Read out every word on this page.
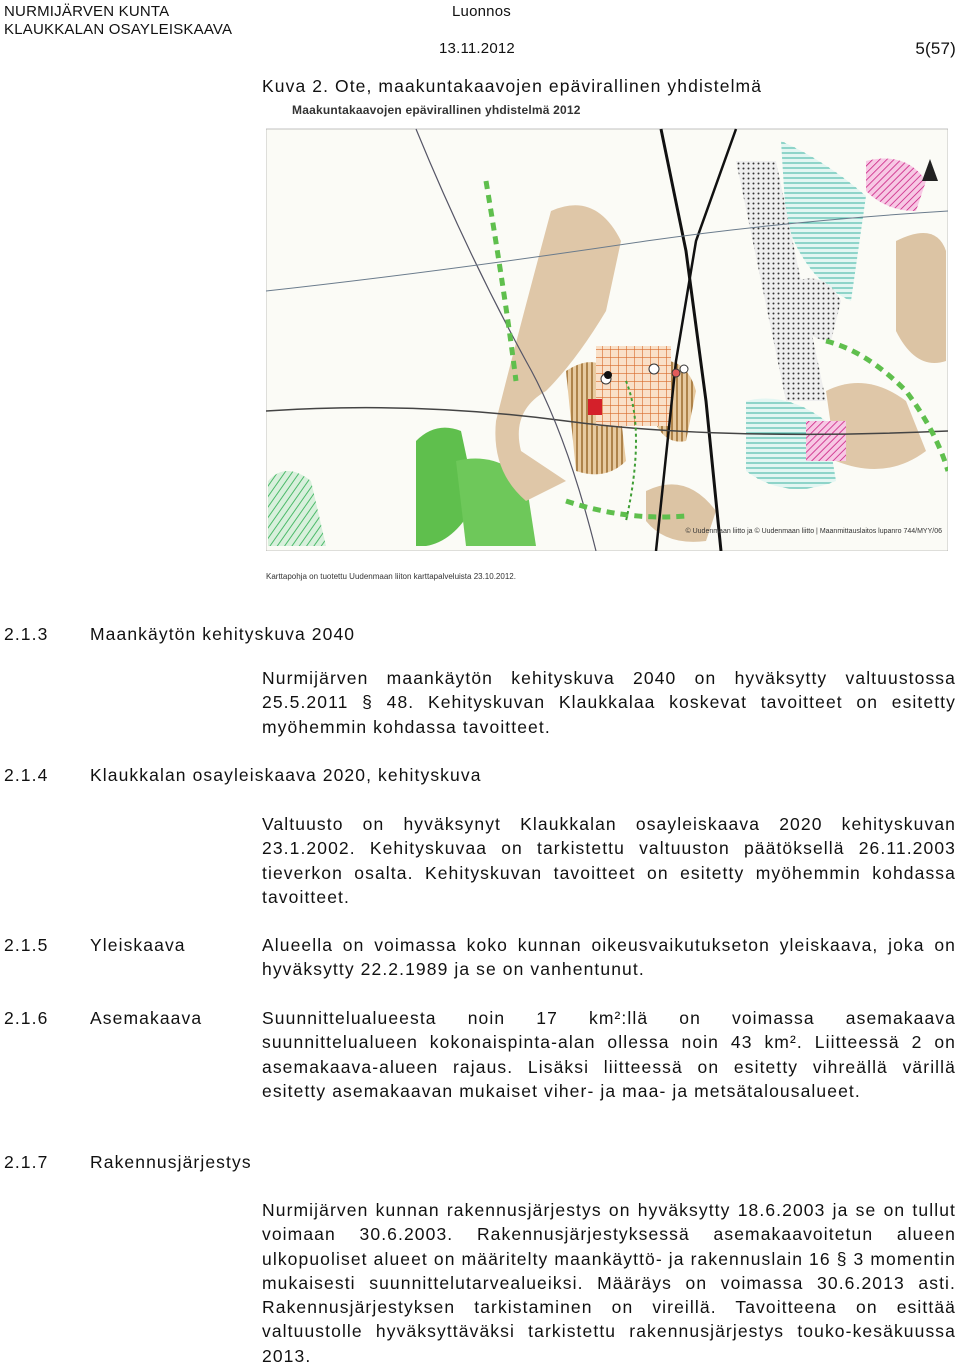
NURMIJÄRVEN KUNTA
KLAUKKALAN OSAYLEISKAAVA
Luonnos
13.11.2012	5(57)
Kuva 2. Ote, maakuntakaavojen epävirallinen yhdistelmä
Maakuntakaavojen epävirallinen yhdistelmä 2012
© Uudenmaan liitto ja © Uudenmaan liitto | Maanmittauslaitos lupanro 744/MYY/06
Karttapohja on tuotettu Uudenmaan liiton karttapalveluista 23.10.2012.
2.1.3 Maankäytön kehityskuva 2040
Nurmijärven maankäytön kehityskuva 2040 on hyväksytty valtuustossa 25.5.2011 § 48. Kehityskuvan Klaukkalaa koskevat tavoitteet on esitetty myöhemmin kohdassa tavoitteet.
2.1.4 Klaukkalan osayleiskaava 2020, kehityskuva
Valtuusto on hyväksynyt Klaukkalan osayleiskaava 2020 kehityskuvan 23.1.2002. Kehityskuvaa on tarkistettu valtuuston päätöksellä 26.11.2003 tieverkon osalta. Kehityskuvan tavoitteet on esitetty myöhemmin kohdassa tavoitteet.
2.1.5 Yleiskaava	Alueella on voimassa koko kunnan oikeusvaikutukseton yleiskaava, joka on hyväksytty 22.2.1989 ja se on vanhentunut.
2.1.6 Asemakaava	Suunnittelualueesta noin 17 km²:llä on voimassa asemakaava suunnittelualueen kokonaispinta-alan ollessa noin 43 km². Liitteessä 2 on asemakaava-alueen rajaus. Lisäksi liitteessä on esitetty vihreällä värillä esitetty asemakaavan mukaiset viher- ja maa- ja metsätalousalueet.
2.1.7 Rakennusjärjestys
Nurmijärven kunnan rakennusjärjestys on hyväksytty 18.6.2003 ja se on tullut voimaan 30.6.2003. Rakennusjärjestyksessä asemakaavoitetun alueen ulkopuoliset alueet on määritelty maankäyttö- ja rakennuslain 16 § 3 momentin mukaisesti suunnittelutarvealueiksi. Määräys on voimassa 30.6.2013 asti. Rakennusjärjestyksen tarkistaminen on vireillä. Tavoitteena on esittää valtuustolle hyväksyttäväksi tarkistettu rakennusjärjestys touko-kesäkuussa 2013.
